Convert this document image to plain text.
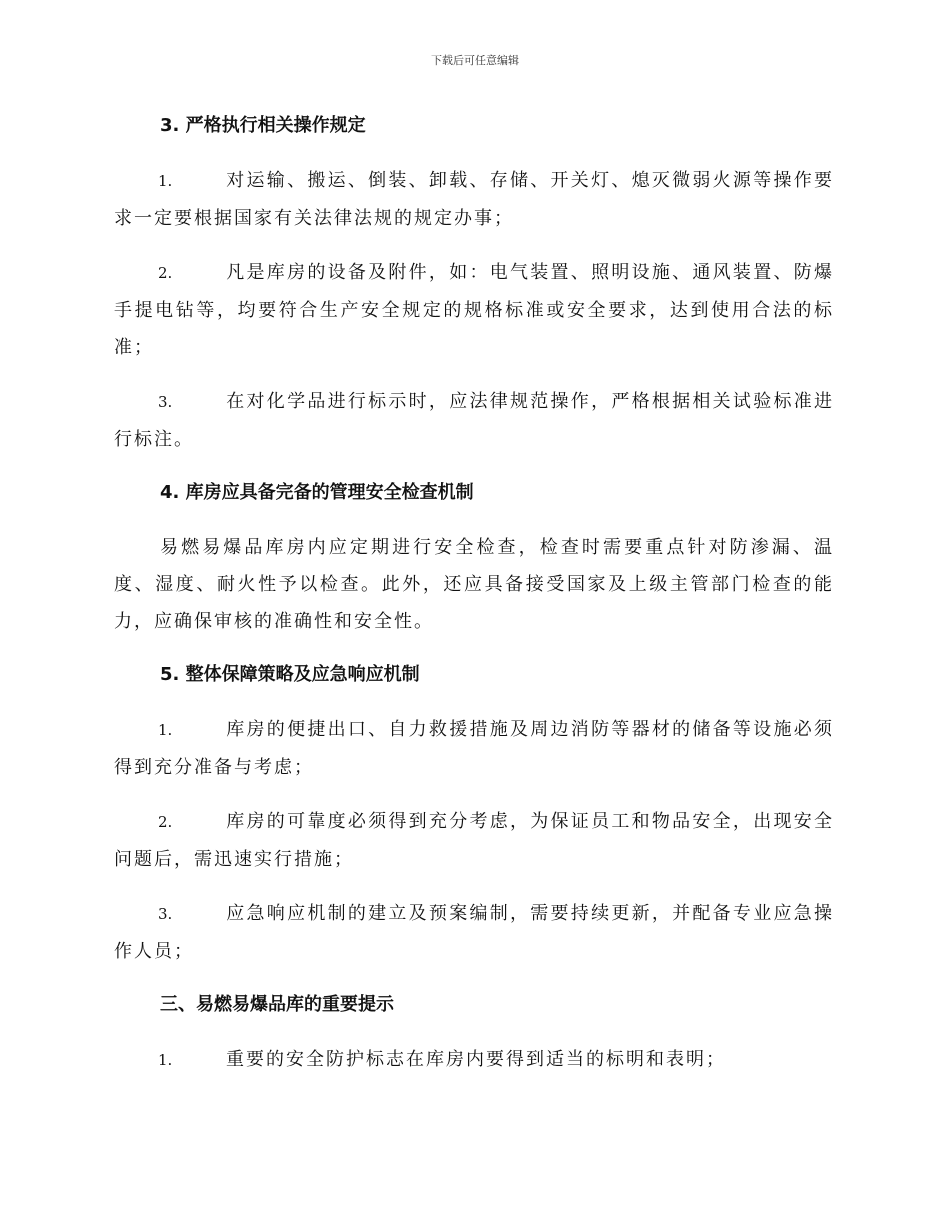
下载后可任意编辑
3. 严格执行相关操作规定
1.	对运输、搬运、倒装、卸载、存储、开关灯、熄灭微弱火源等操作要求一定要根据国家有关法律法规的规定办事；
2.	凡是库房的设备及附件，如：电气装置、照明设施、通风装置、防爆手提电钻等，均要符合生产安全规定的规格标准或安全要求，达到使用合法的标准；
3.	在对化学品进行标示时，应法律规范操作，严格根据相关试验标准进行标注。
4. 库房应具备完备的管理安全检查机制
易燃易爆品库房内应定期进行安全检查，检查时需要重点针对防渗漏、温度、湿度、耐火性予以检查。此外，还应具备接受国家及上级主管部门检查的能力，应确保审核的准确性和安全性。
5. 整体保障策略及应急响应机制
1.	库房的便捷出口、自力救援措施及周边消防等器材的储备等设施必须得到充分准备与考虑；
2.	库房的可靠度必须得到充分考虑，为保证员工和物品安全，出现安全问题后，需迅速实行措施；
3.	应急响应机制的建立及预案编制，需要持续更新，并配备专业应急操作人员；
三、易燃易爆品库的重要提示
1.	重要的安全防护标志在库房内要得到适当的标明和表明；
